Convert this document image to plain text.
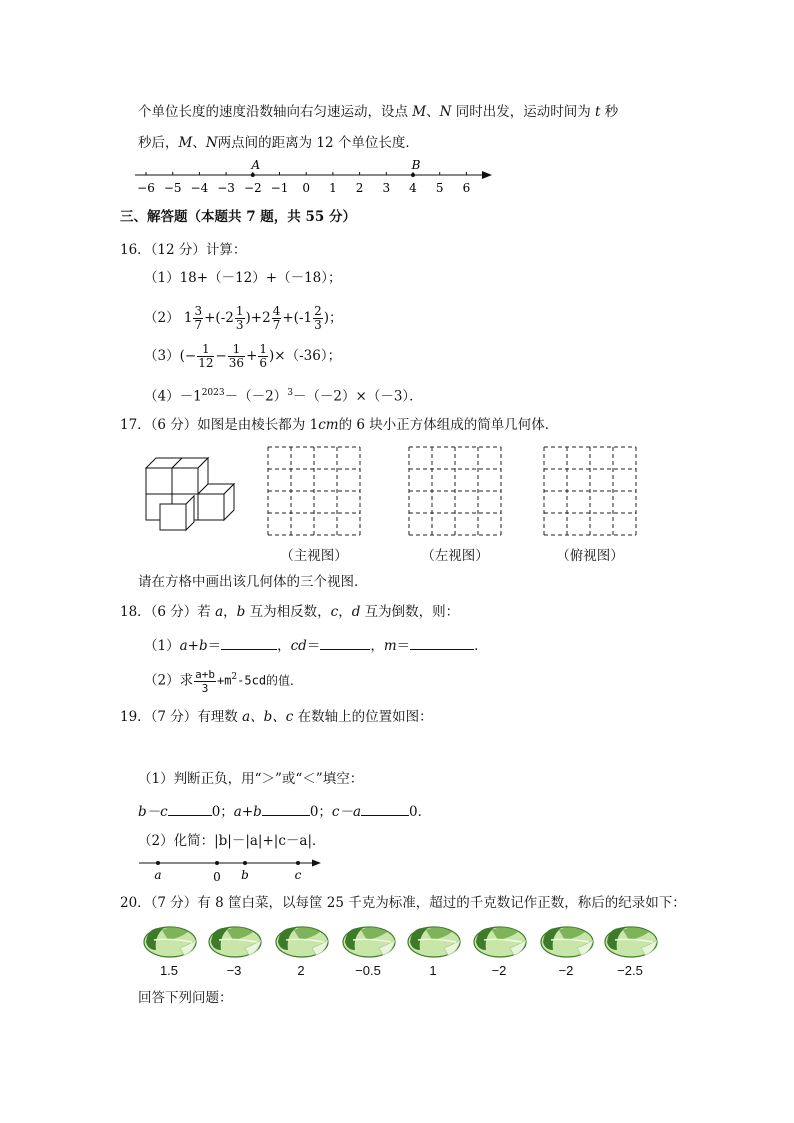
个单位长度的速度沿数轴向右匀速运动，设点 M、N 同时出发，运动时间为 t 秒
秒后，M、N两点间的距离为 12 个单位长度．
−6 −5 −4 −3 −2 −1 0 1 2 3 4 5 6
A	B
三、解答题（本题共 7 题，共 55 分）
16．（12 分）计算：
（1）18+（－12）+（－18）；
（2） $1 \frac{3}{7} +(-2 \frac{1}{3} )+2 \frac{4}{7} +(-1 \frac{2}{3}$ )；
$(3)(- \frac{1}{12} - \frac{1}{36} + \frac{1}{6} )\times(-36)$；
$(4)-1^{2023}-(-2)^3-(-2)\times(-3)$．
17．（6 分）如图是由棱长都为 1cm的 6 块小正方体组成的简单几何体．
（主视图）	（左视图）	（俯视图）
请在方格中画出该几何体的三个视图．
18．（6 分）若 a，b 互为相反数，c，d 互为倒数，则：
（1）a+b＝	，cd＝	，m＝	．
（2）求 $\frac{a+b}{3} +m^2-5cd$的值．
19．（7 分）有理数 a、b、c 在数轴上的位置如图：
（1）判断正负，用“＞”或“＜”填空：
b－c	0；a+b	0；c－a	0．
（2）化简：|b|－|a|+|c－a|．
a	0 b	c
20．（7 分）有 8 筐白菜，以每筐 25 千克为标准，超过的千克数记作正数，称后的纪录如下：
1.5	−3	2	−0.5	1	−2	−2	−2.5
回答下列问题：
